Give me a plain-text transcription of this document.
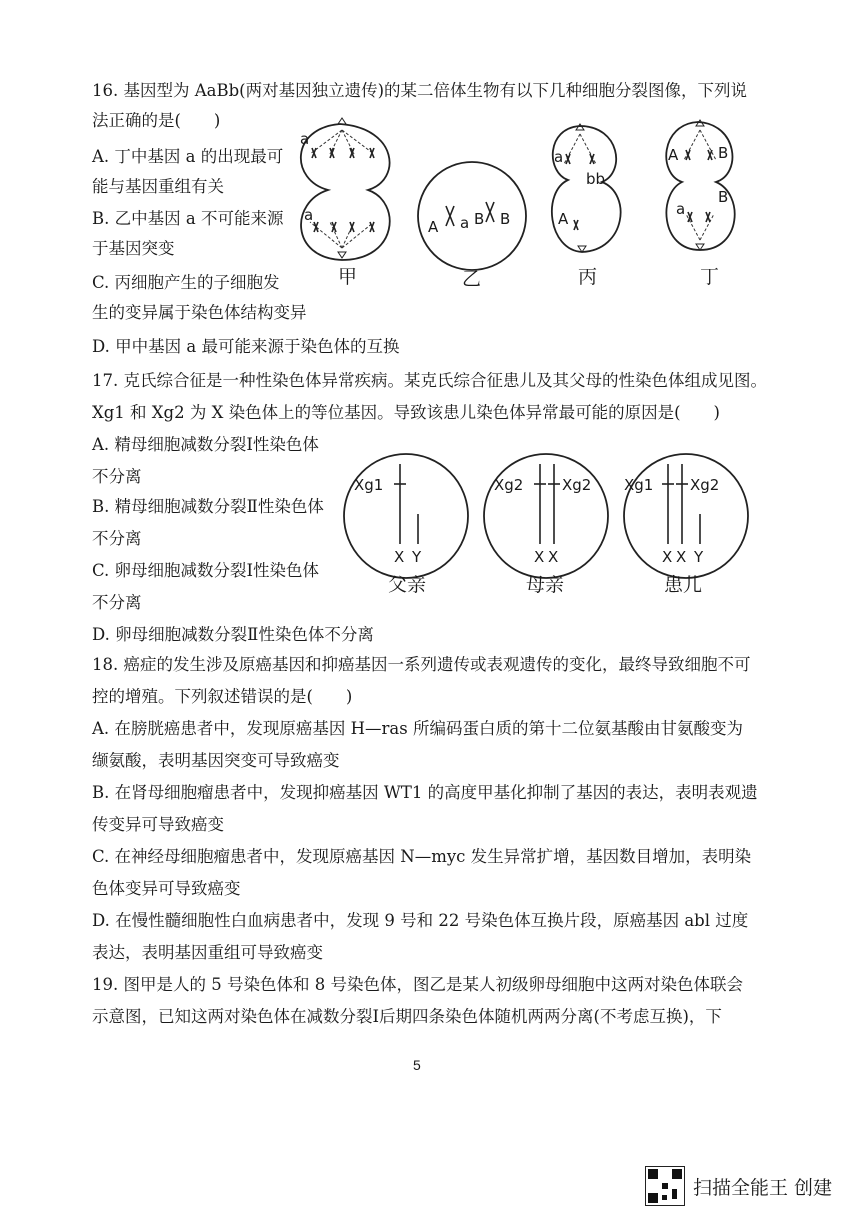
16. 基因型为 AaBb(两对基因独立遗传)的某二倍体生物有以下几种细胞分裂图像，下列说
法正确的是(　　)
A. 丁中基因 a 的出现最可
能与基因重组有关
B. 乙中基因 a 不可能来源
于基因突变
C. 丙细胞产生的子细胞发
生的变异属于染色体结构变异
D. 甲中基因 a 最可能来源于染色体的互换
a
a
A a B B
a
bb
A
A	B
a
B
甲	乙	丙	丁
17. 克氏综合征是一种性染色体异常疾病。某克氏综合征患儿及其父母的性染色体组成见图。
Xg1 和 Xg2 为 X 染色体上的等位基因。导致该患儿染色体异常最可能的原因是(　　)
A. 精母细胞减数分裂Ⅰ性染色体
不分离
B. 精母细胞减数分裂Ⅱ性染色体
不分离
C. 卵母细胞减数分裂Ⅰ性染色体
不分离
D. 卵母细胞减数分裂Ⅱ性染色体不分离
Xg1	Xg2	Xg2 Xg1 Xg2
X Y	X X	X X Y
父亲	母亲	患儿
18. 癌症的发生涉及原癌基因和抑癌基因一系列遗传或表观遗传的变化，最终导致细胞不可
控的增殖。下列叙述错误的是(　　)
A. 在膀胱癌患者中，发现原癌基因 H—ras 所编码蛋白质的第十二位氨基酸由甘氨酸变为
缬氨酸，表明基因突变可导致癌变
B. 在肾母细胞瘤患者中，发现抑癌基因 WT1 的高度甲基化抑制了基因的表达，表明表观遗
传变异可导致癌变
C. 在神经母细胞瘤患者中，发现原癌基因 N—myc 发生异常扩增，基因数目增加，表明染
色体变异可导致癌变
D. 在慢性髓细胞性白血病患者中，发现 9 号和 22 号染色体互换片段，原癌基因 abl 过度
表达，表明基因重组可导致癌变
19. 图甲是人的 5 号染色体和 8 号染色体，图乙是某人初级卵母细胞中这两对染色体联会
示意图，已知这两对染色体在减数分裂Ⅰ后期四条染色体随机两两分离(不考虑互换)，下
5
扫描全能王 创建
